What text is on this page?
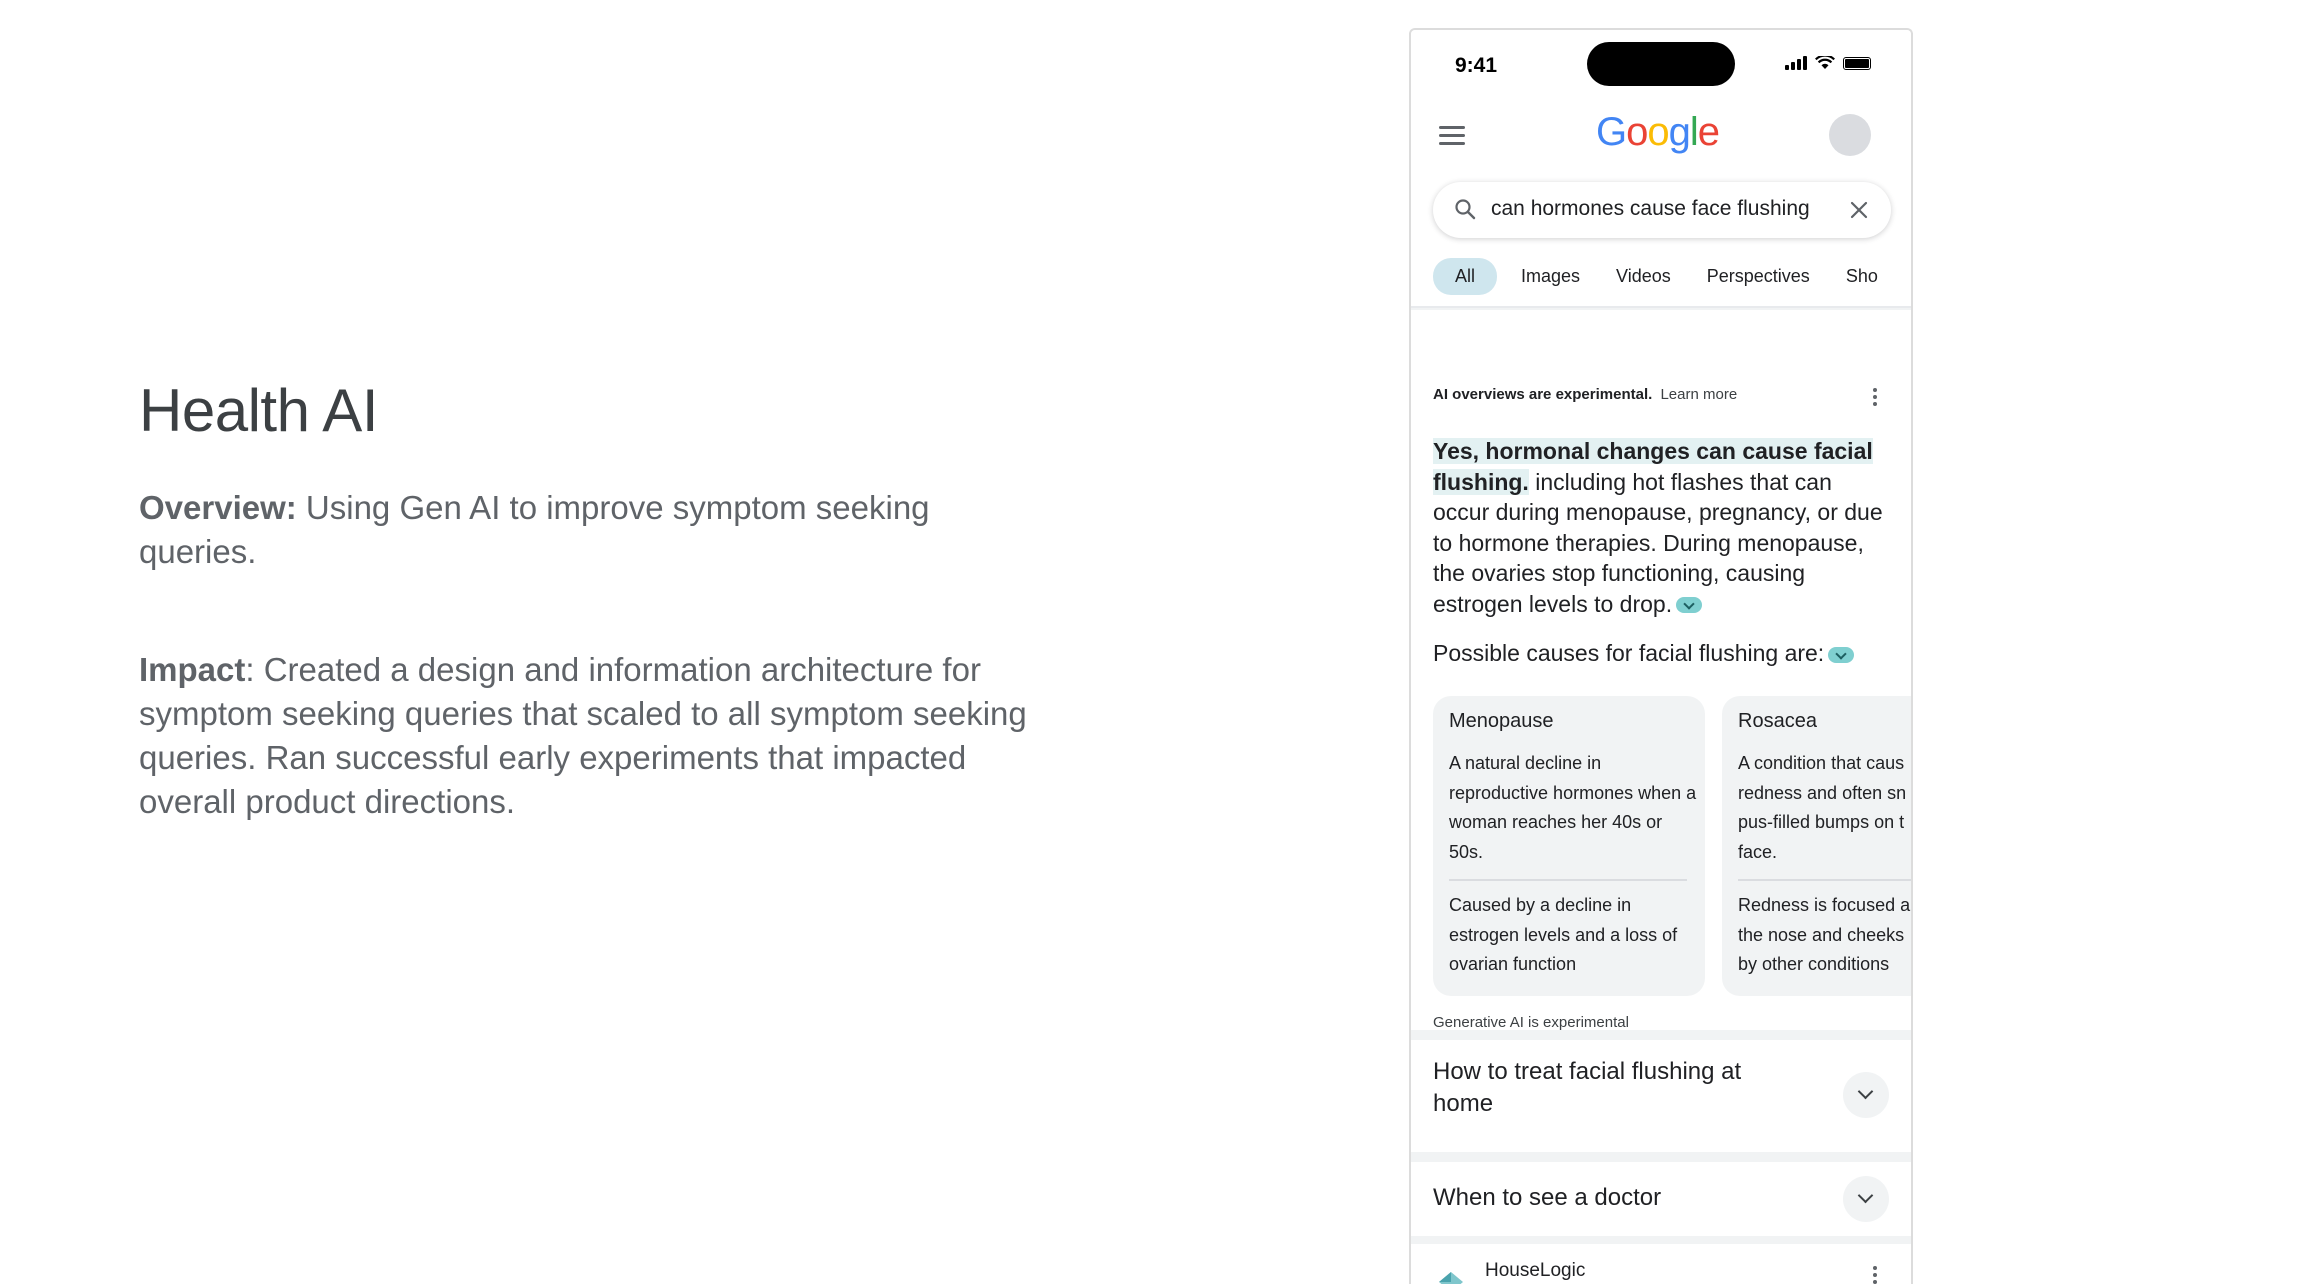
Health AI
Overview: Using Gen AI to improve symptom seeking queries.
Impact: Created a design and information architecture for symptom seeking queries that scaled to all symptom seeking queries. Ran successful early experiments that impacted overall product directions.
9:41
Google
can hormones cause face flushing
All	Images	Videos	Perspectives	Sho
AI overviews are experimental. Learn more
Yes, hormonal changes can cause facial flushing. including hot flashes that can occur during menopause, pregnancy, or due to hormone therapies. During menopause, the ovaries stop functioning, causing estrogen levels to drop.
Possible causes for facial flushing are:
Menopause
A natural decline in reproductive hormones when a woman reaches her 40s or 50s.
Caused by a decline in estrogen levels and a loss of ovarian function
Rosacea
A condition that caus
redness and often sn
pus-filled bumps on t
face.
Redness is focused a
the nose and cheeks
by other conditions
Generative AI is experimental
How to treat facial flushing at home
When to see a doctor
HouseLogic
